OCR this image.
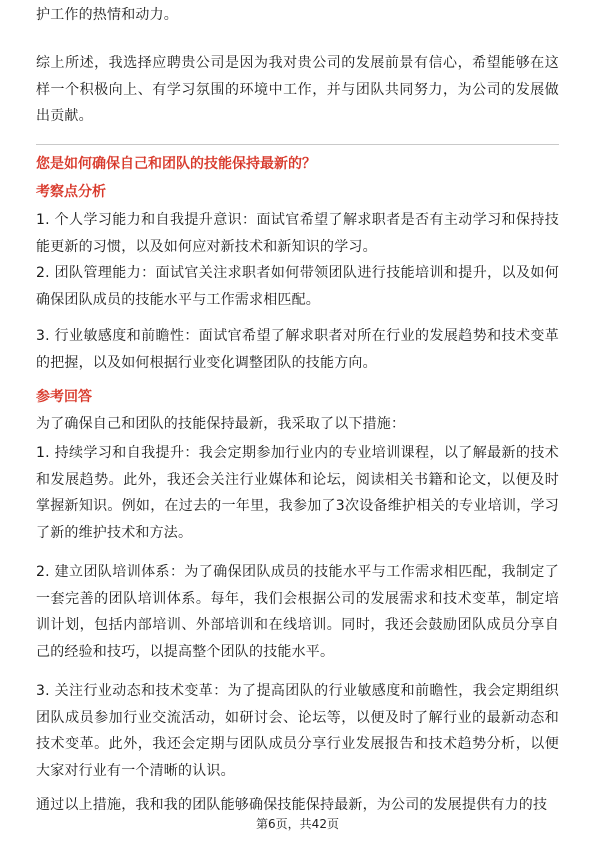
护工作的热情和动力。

综上所述，我选择应聘贵公司是因为我对贵公司的发展前景有信心，希望能够在这样一个积极向上、有学习氛围的环境中工作，并与团队共同努力，为公司的发展做出贡献。

您是如何确保自己和团队的技能保持最新的？

考察点分析

1. 个人学习能力和自我提升意识：面试官希望了解求职者是否有主动学习和保持技能更新的习惯，以及如何应对新技术和新知识的学习。

2. 团队管理能力：面试官关注求职者如何带领团队进行技能培训和提升，以及如何确保团队成员的技能水平与工作需求相匹配。

3. 行业敏感度和前瞻性：面试官希望了解求职者对所在行业的发展趋势和技术变革的把握，以及如何根据行业变化调整团队的技能方向。

参考回答

为了确保自己和团队的技能保持最新，我采取了以下措施：

1. 持续学习和自我提升：我会定期参加行业内的专业培训课程，以了解最新的技术和发展趋势。此外，我还会关注行业媒体和论坛，阅读相关书籍和论文，以便及时掌握新知识。例如，在过去的一年里，我参加了3次设备维护相关的专业培训，学习了新的维护技术和方法。

2. 建立团队培训体系：为了确保团队成员的技能水平与工作需求相匹配，我制定了一套完善的团队培训体系。每年，我们会根据公司的发展需求和技术变革，制定培训计划，包括内部培训、外部培训和在线培训。同时，我还会鼓励团队成员分享自己的经验和技巧，以提高整个团队的技能水平。

3. 关注行业动态和技术变革：为了提高团队的行业敏感度和前瞻性，我会定期组织团队成员参加行业交流活动，如研讨会、论坛等，以便及时了解行业的最新动态和技术变革。此外，我还会定期与团队成员分享行业发展报告和技术趋势分析，以便大家对行业有一个清晰的认识。

通过以上措施，我和我的团队能够确保技能保持最新，为公司的发展提供有力的技

第6页，共42页
